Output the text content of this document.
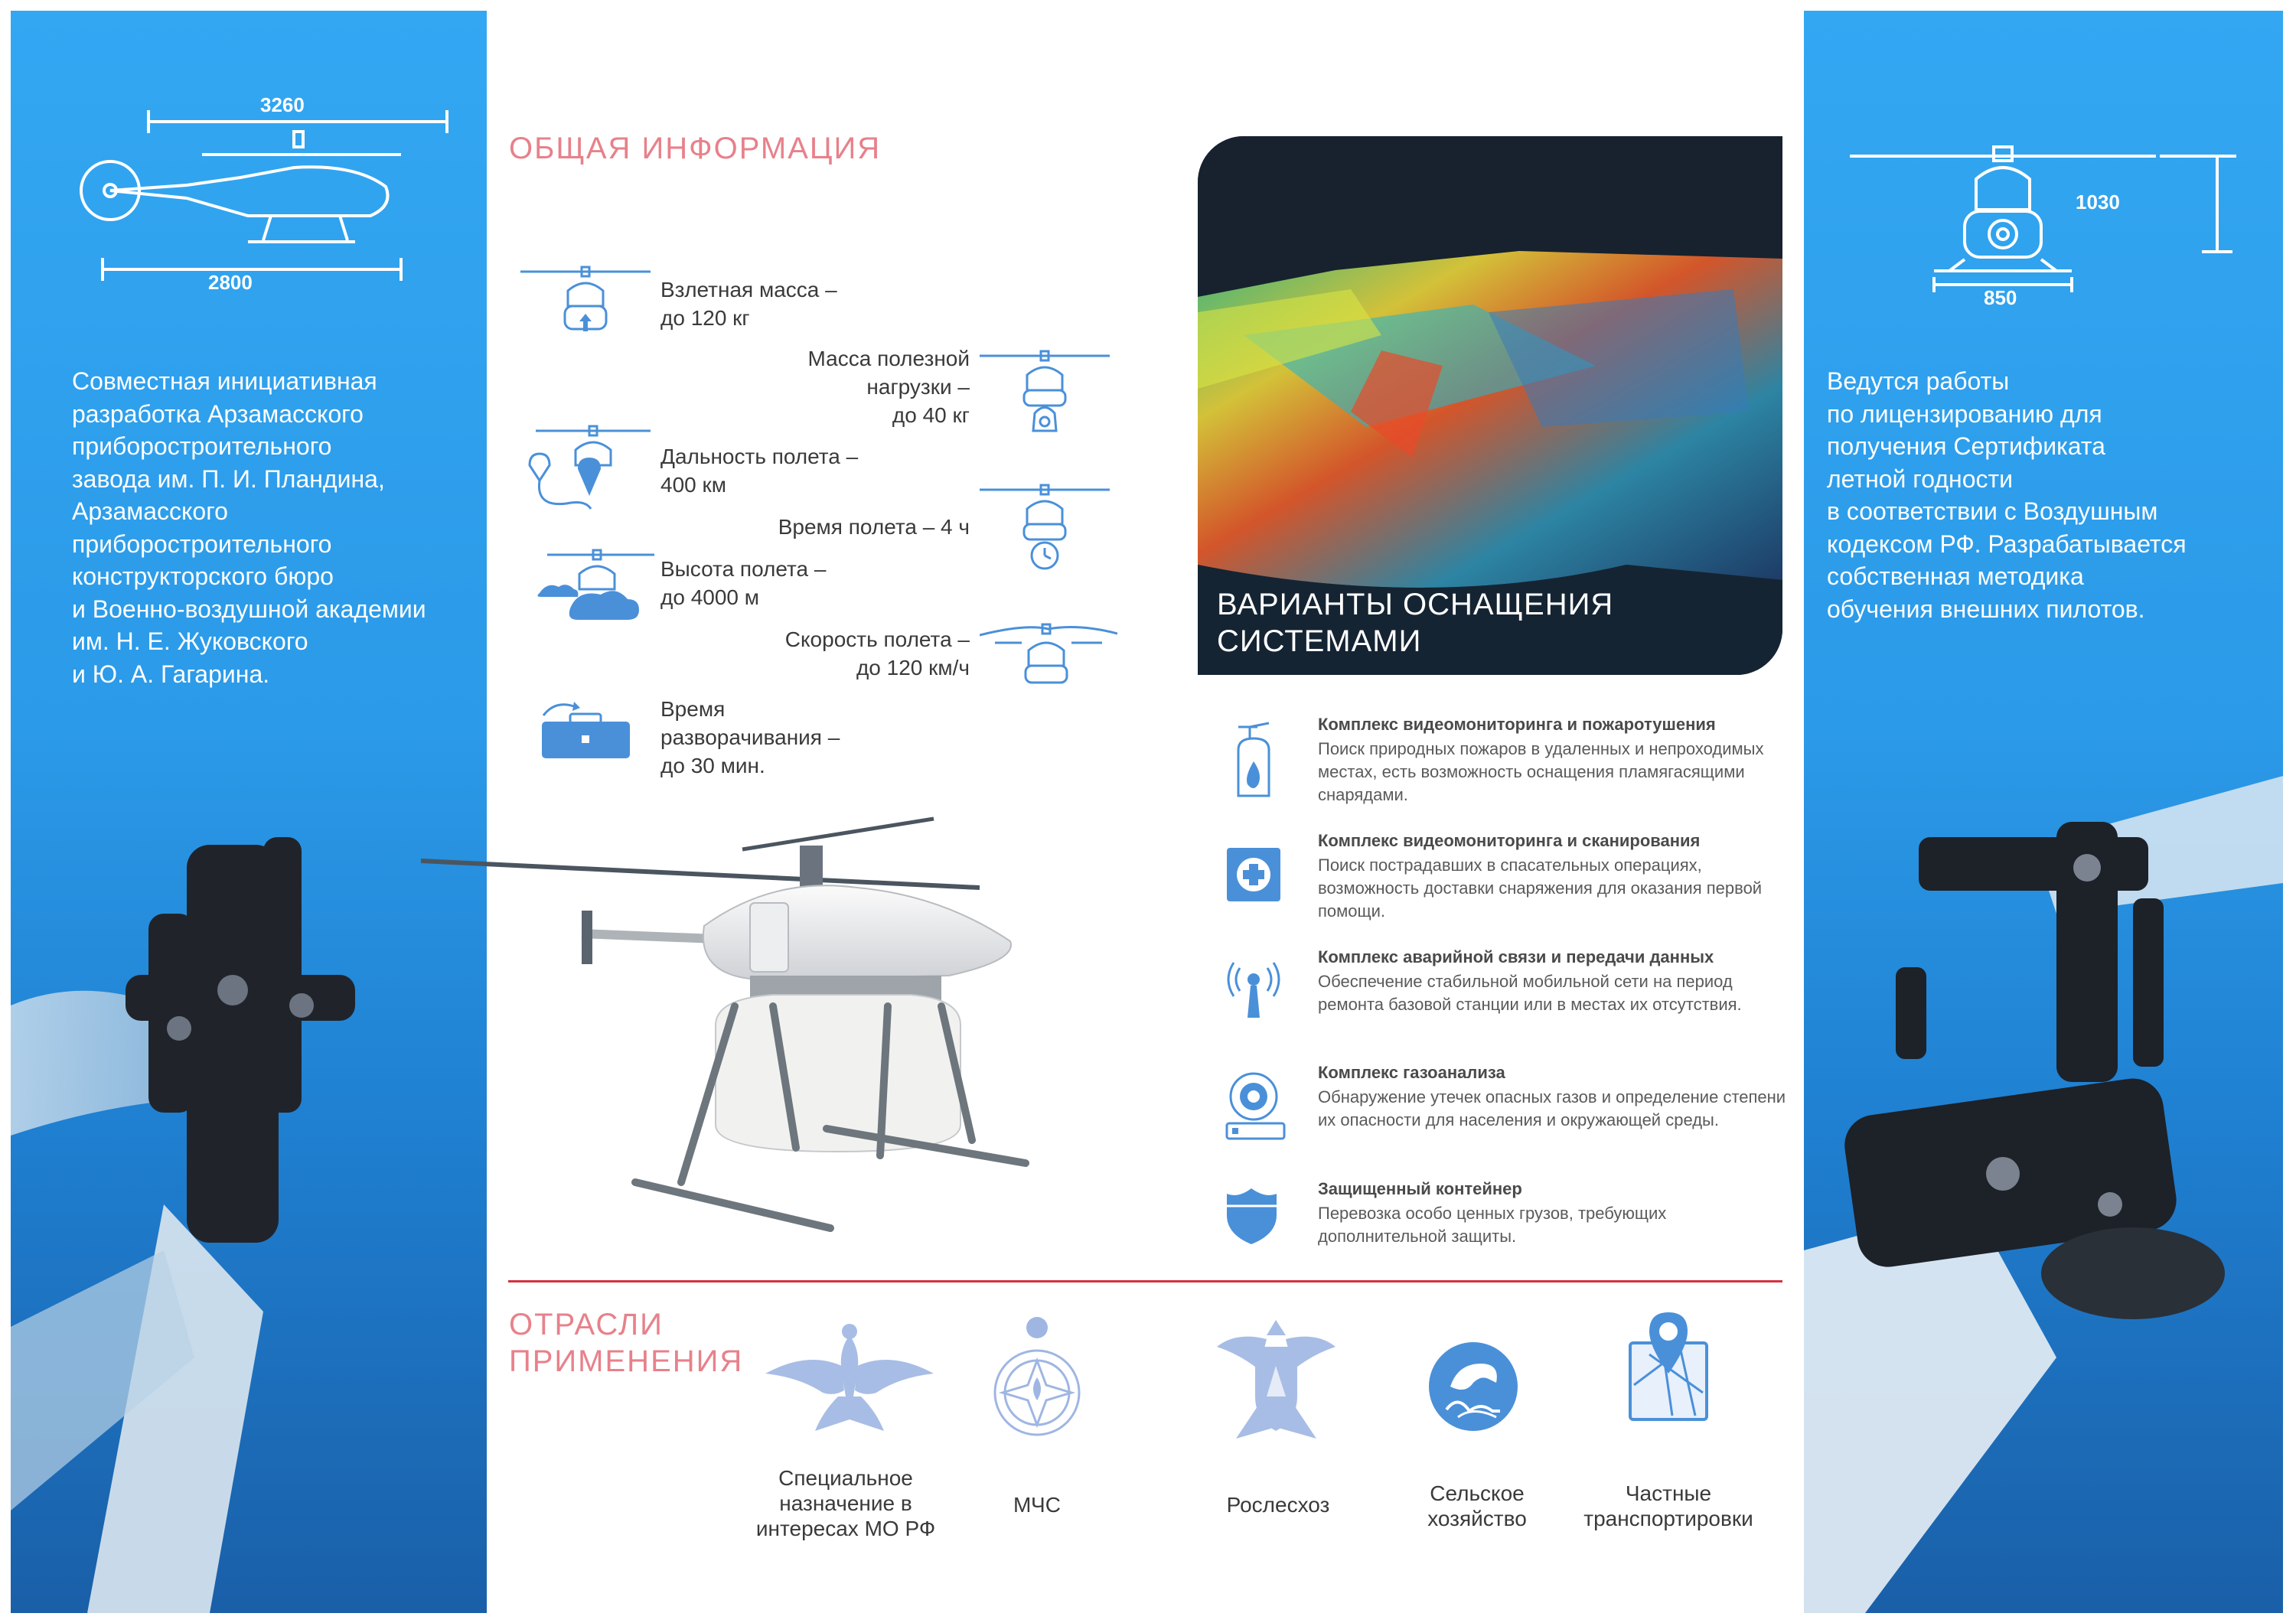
3260
2800
Совместная инициативная
разработка Арзамасского
приборостроительного
завода им. П. И. Пландина,
Арзамасского
приборостроительного
конструкторского бюро
и Военно-воздушной академии
им. Н. Е. Жуковского
и Ю. А. Гагарина.
1030
850
Ведутся работы
по лицензированию для
получения Сертификата
летной годности
в соответствии с Воздушным
кодексом РФ. Разрабатывается
собственная методика
обучения внешних пилотов.
ОБЩАЯ ИНФОРМАЦИЯ
Взлетная масса –
до 120 кг
Масса полезной
нагрузки –
до 40 кг
Дальность полета –
400 км
Время полета – 4 ч
Высота полета –
до 4000 м
Скорость полета –
до 120 км/ч
Время
разворачивания –
до 30 мин.
ВАРИАНТЫ ОСНАЩЕНИЯ
СИСТЕМАМИ
Комплекс видеомониторинга и пожаротушения
Поиск природных пожаров в удаленных и непроходимых местах, есть возможность оснащения пламягасящими снарядами.
Комплекс видеомониторинга и сканирования
Поиск пострадавших в спасательных операциях, возможность доставки снаряжения для оказания первой помощи.
Комплекс аварийной связи и передачи данных
Обеспечение стабильной мобильной сети на период ремонта базовой станции или в местах их отсутствия.
Комплекс газоанализа
Обнаружение утечек опасных газов и определение степени их опасности для населения и окружающей среды.
Защищенный контейнер
Перевозка особо ценных грузов, требующих дополнительной защиты.
ОТРАСЛИ
ПРИМЕНЕНИЯ
Специальное
назначение в
интересах МО РФ
МЧС	Рослесхоз	Сельское
хозяйство
Частные
транспортировки
